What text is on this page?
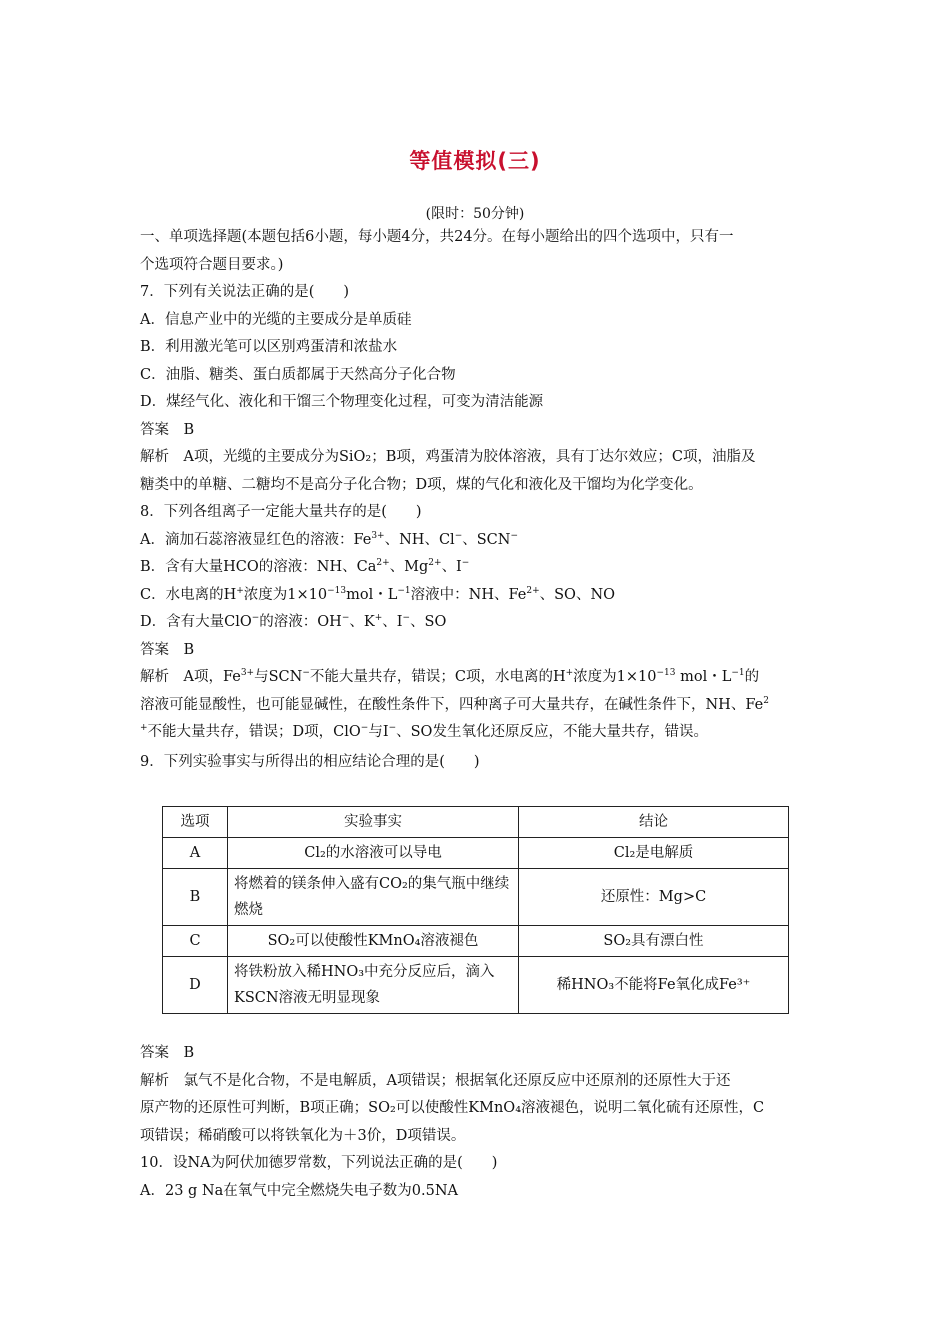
等值模拟(三)
(限时：50分钟)

一、单项选择题(本题包括6小题，每小题4分，共24分。在每小题给出的四个选项中，只有一

个选项符合题目要求。)

7．下列有关说法正确的是(　　)

A．信息产业中的光缆的主要成分是单质硅

B．利用激光笔可以区别鸡蛋清和浓盐水

C．油脂、糖类、蛋白质都属于天然高分子化合物

D．煤经气化、液化和干馏三个物理变化过程，可变为清洁能源

答案　B

解析　A项，光缆的主要成分为SiO₂；B项，鸡蛋清为胶体溶液，具有丁达尔效应；C项，油脂及

糖类中的单糖、二糖均不是高分子化合物；D项，煤的气化和液化及干馏均为化学变化。

8．下列各组离子一定能大量共存的是(　　)

A．滴加石蕊溶液显红色的溶液：$Fe^{3+}$、NH、Cl−、SCN−

B．含有大量HCO的溶液：NH、$Ca^{2+}$、$Mg^{2+}$、I−

C．水电离的H+浓度为$1\times 10^{-13}mol$・$L^{-1}$溶液中：NH、$Fe^{2+}$、SO、NO

D．含有大量ClO−的溶液：OH−、K+、I−、SO

答案　B

解析　A项，$Fe^{3+}$与SCN−不能大量共存，错误；C项，水电离的H+浓度为$1\times 10^{-13}$ mol・$L^{-1}$的

溶液可能显酸性，也可能显碱性，在酸性条件下，四种离子可大量共存，在碱性条件下，NH、Fe$^2$

+不能大量共存，错误；D项，ClO−与I−、SO发生氧化还原反应，不能大量共存，错误。

9．下列实验事实与所得出的相应结论合理的是(　　)

选项	实验事实	结论
A	Cl₂的水溶液可以导电	Cl₂是电解质
B	将燃着的镁条伸入盛有CO₂的集气瓶中继续燃烧	还原性：Mg>C
C	SO₂可以使酸性KMnO₄溶液褪色	SO₂具有漂白性
D	将铁粉放入稀HNO₃中充分反应后，滴入KSCN溶液无明显现象	稀HNO₃不能将Fe氧化成Fe³⁺

答案　B

解析　氯气不是化合物，不是电解质，A项错误；根据氧化还原反应中还原剂的还原性大于还

原产物的还原性可判断，B项正确；SO₂可以使酸性KMnO₄溶液褪色，说明二氧化硫有还原性，C

项错误；稀硝酸可以将铁氧化为＋3价，D项错误。

10．设NA为阿伏加德罗常数，下列说法正确的是(　　)

A．23 g Na在氧气中完全燃烧失电子数为0.5NA
